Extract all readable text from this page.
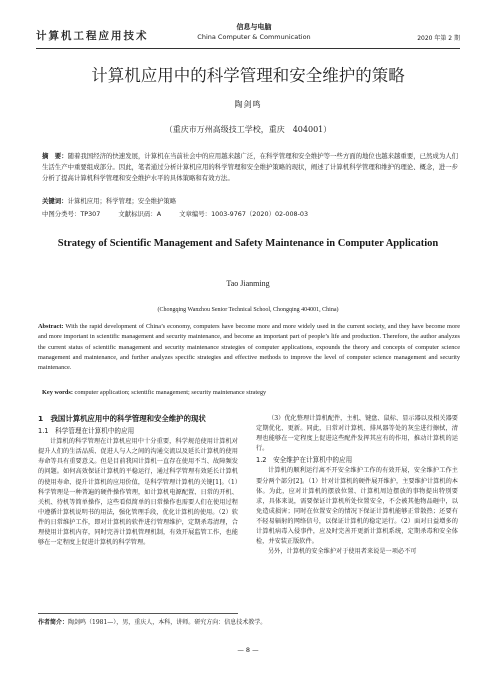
计算机工程应用技术
信息与电脑
China Computer & Communication	2020 年第 2 期
计算机应用中的科学管理和安全维护的策略
陶剑鸣
（重庆市万州高级技工学校，重庆　404001）
摘　要：随着我国经济的快速发展，计算机在当前社会中的应用越来越广泛，在科学管理和安全维护等一些方面的地位也越来越重要，已然成为人们生活生产中重要组成部分。因此，笔者通过分析计算机应用的科学管理和安全维护策略的现状，阐述了计算机科学管理和维护的理论、概念，进一步分析了提高计算机科学管理和安全维护水平的具体策略和有效方法。
关键词：计算机应用；科学管理；安全维护策略
中图分类号：TP307	文献标识码：A	文章编号：1003-9767（2020）02-008-03
Strategy of Scientific Management and Safety Maintenance in Computer Application
Tao Jianming
(Chongqing Wanzhou Senior Technical School, Chongqing 404001, China)
Abstract: With the rapid development of China’s economy, computers have become more and more widely used in the current society, and they have become more and more important in scientific management and security maintenance, and become an important part of people’s life and production. Therefore, the author analyzes the current status of scientific management and security maintenance strategies of computer applications, expounds the theory and concepts of computer science management and maintenance, and further analyzes specific strategies and effective methods to improve the level of computer science management and security maintenance.
Key words: computer application; scientific management; security maintenance strategy
1　我国计算机应用中的科学管理和安全维护的现状
1.1　科学管理在计算机中的应用

计算机的科学管理在计算机应用中十分重要，科学规范使用计算机对提升人们的生活品质、促进人与人之间的沟通交流以及延长计算机的使用寿命等具有重要意义。但是目前我国计算机一直存在使用不当、故障频发的问题。如何高效保证计算机的平稳运行，通过科学管理有效延长计算机的使用寿命、提升计算机的应用价值，是科学管理计算机的关键[1]。（1）科学管理是一种普遍的硬件操作管理，如计算机电源配置、日常的开机、关机、待机等简单操作，这些看似简单的日常操作也需要人们在使用过程中遵循计算机说明书的用法，强化管理手段，优化计算机的使用。（2）软件的日常维护工作，即对计算机的软件进行管理维护，定期杀毒清理，合理使用计算机内存，同时完善计算机管理机制，有效开展监管工作，也能够在一定程度上促进计算机的科学管理。

（3）优化整理计算机配件，主机、键盘、鼠标、显示器以及相关器要定期优化、更新。同此，日常对计算机、排风器等处的灰尘进行擦拭，清理也能够在一定程度上促进这些配件发挥其应有的作用，推动计算机的运行。

1.2　安全维护在计算机中的应用

计算机的顺利运行离不开安全维护工作的有效开展，安全维护工作主要分两个部分[2]。（1）针对计算机的硬件展开维护，主要维护计算机的本体。为此，应对计算机的摆放位置、计算机周边摆放的事物提出特别要求，具体来说，需要保证计算机所处位置安全，不会被其他物品砸中，以免造成损害；同时在位置安全的情况下保证计算机能够正常散热；还要有不轻易辐射的网络信号，以保证计算机的稳定运行。（2）面对日益增多的计算机病毒入侵事件，应及时完善开更新计算机系统，定期杀毒和安全体检，并安装正版软件。

另外，计算机的安全维护对于使用者来说是一项必不可

作者简介：陶剑鸣（1981—），男，重庆人，本科，讲师。研究方向：信息技术教学。
— 8 —
